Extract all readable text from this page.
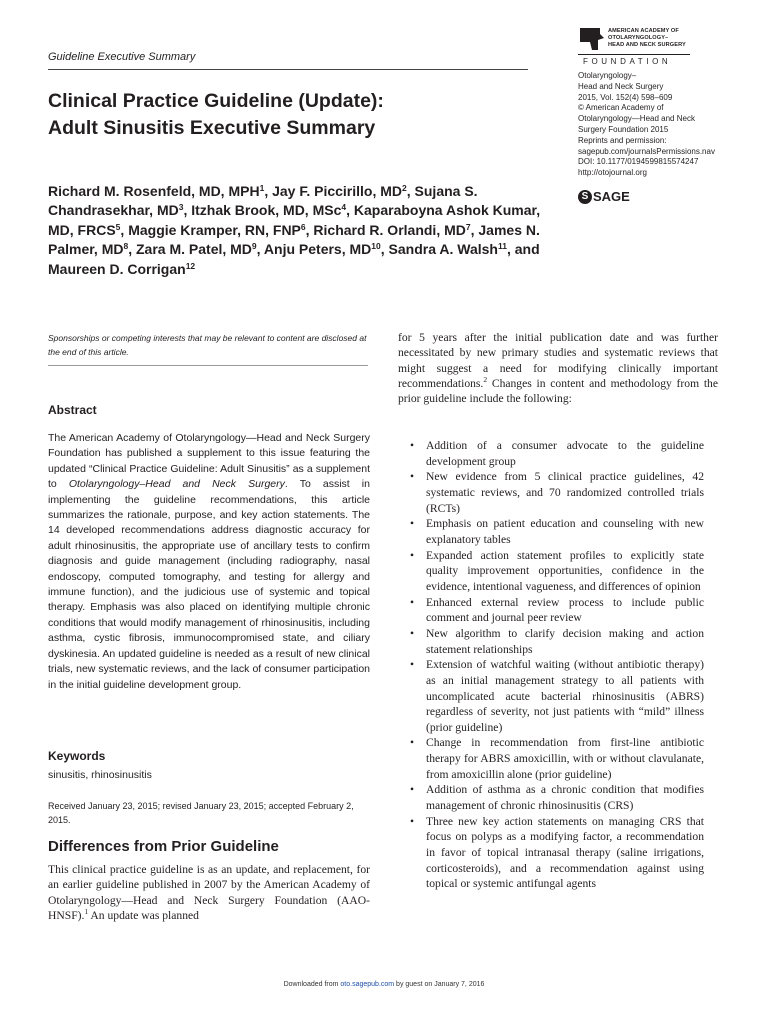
Guideline Executive Summary
AMERICAN ACADEMY OF
OTOLARYNGOLOGY–
HEAD AND NECK SURGERY
FOUNDATION
Otolaryngology–
Head and Neck Surgery
2015, Vol. 152(4) 598–609
© American Academy of
Otolaryngology—Head and Neck
Surgery Foundation 2015
Reprints and permission:
sagepub.com/journalsPermissions.nav
DOI: 10.1177/0194599815574247
http://otojournal.org
S SAGE
Clinical Practice Guideline (Update):
Adult Sinusitis Executive Summary
Richard M. Rosenfeld, MD, MPH$^1$, Jay F. Piccirillo, $MD^2$, Sujana S. Chandrasekhar, $MD^3$, Itzhak Brook, MD, MSc$^4$, Kaparaboyna Ashok Kumar, MD, FRCS$^5$, Maggie Kramper, RN, FNP$^6$, Richard R. Orlandi, $MD^7$, James N. Palmer, $MD^8$, Zara M. Patel, $MD^9$, Anju Peters, MD$^{10}$, Sandra A. Walsh$^{11}$, and Maureen D. Corrigan$^{12}$
Sponsorships or competing interests that may be relevant to content are disclosed at the end of this article.
Abstract
The American Academy of Otolaryngology—Head and Neck Surgery Foundation has published a supplement to this issue featuring the updated “Clinical Practice Guideline: Adult Sinusitis” as a supplement to Otolaryngology–Head and Neck Surgery. To assist in implementing the guideline recommendations, this article summarizes the rationale, purpose, and key action statements. The 14 developed recommendations address diagnostic accuracy for adult rhinosinusitis, the appropriate use of ancillary tests to confirm diagnosis and guide management (including radiography, nasal endoscopy, computed tomography, and testing for allergy and immune function), and the judicious use of systemic and topical therapy. Emphasis was also placed on identifying multiple chronic conditions that would modify management of rhinosinusitis, including asthma, cystic fibrosis, immunocompromised state, and ciliary dyskinesia. An updated guideline is needed as a result of new clinical trials, new systematic reviews, and the lack of consumer participation in the initial guideline development group.
Keywords
sinusitis, rhinosinusitis
Received January 23, 2015; revised January 23, 2015; accepted February 2, 2015.
Differences from Prior Guideline
This clinical practice guideline is as an update, and replacement, for an earlier guideline published in 2007 by the American Academy of Otolaryngology—Head and Neck Surgery Foundation (AAO-HNSF).$^1$ An update was planned
for 5 years after the initial publication date and was further necessitated by new primary studies and systematic reviews that might suggest a need for modifying clinically important recommendations.$^2$ Changes in content and methodology from the prior guideline include the following:
• Addition of a consumer advocate to the guideline development group
• New evidence from 5 clinical practice guidelines, 42 systematic reviews, and 70 randomized controlled trials (RCTs)
• Emphasis on patient education and counseling with new explanatory tables
• Expanded action statement profiles to explicitly state quality improvement opportunities, confidence in the evidence, intentional vagueness, and differences of opinion
• Enhanced external review process to include public comment and journal peer review
• New algorithm to clarify decision making and action statement relationships
• Extension of watchful waiting (without antibiotic therapy) as an initial management strategy to all patients with uncomplicated acute bacterial rhinosinusitis (ABRS) regardless of severity, not just patients with “mild” illness (prior guideline)
• Change in recommendation from first-line antibiotic therapy for ABRS amoxicillin, with or without clavulanate, from amoxicillin alone (prior guideline)
• Addition of asthma as a chronic condition that modifies management of chronic rhinosinusitis (CRS)
• Three new key action statements on managing CRS that focus on polyps as a modifying factor, a recommendation in favor of topical intranasal therapy (saline irrigations, corticosteroids), and a recommendation against using topical or systemic antifungal agents
Downloaded from oto.sagepub.com by guest on January 7, 2016
